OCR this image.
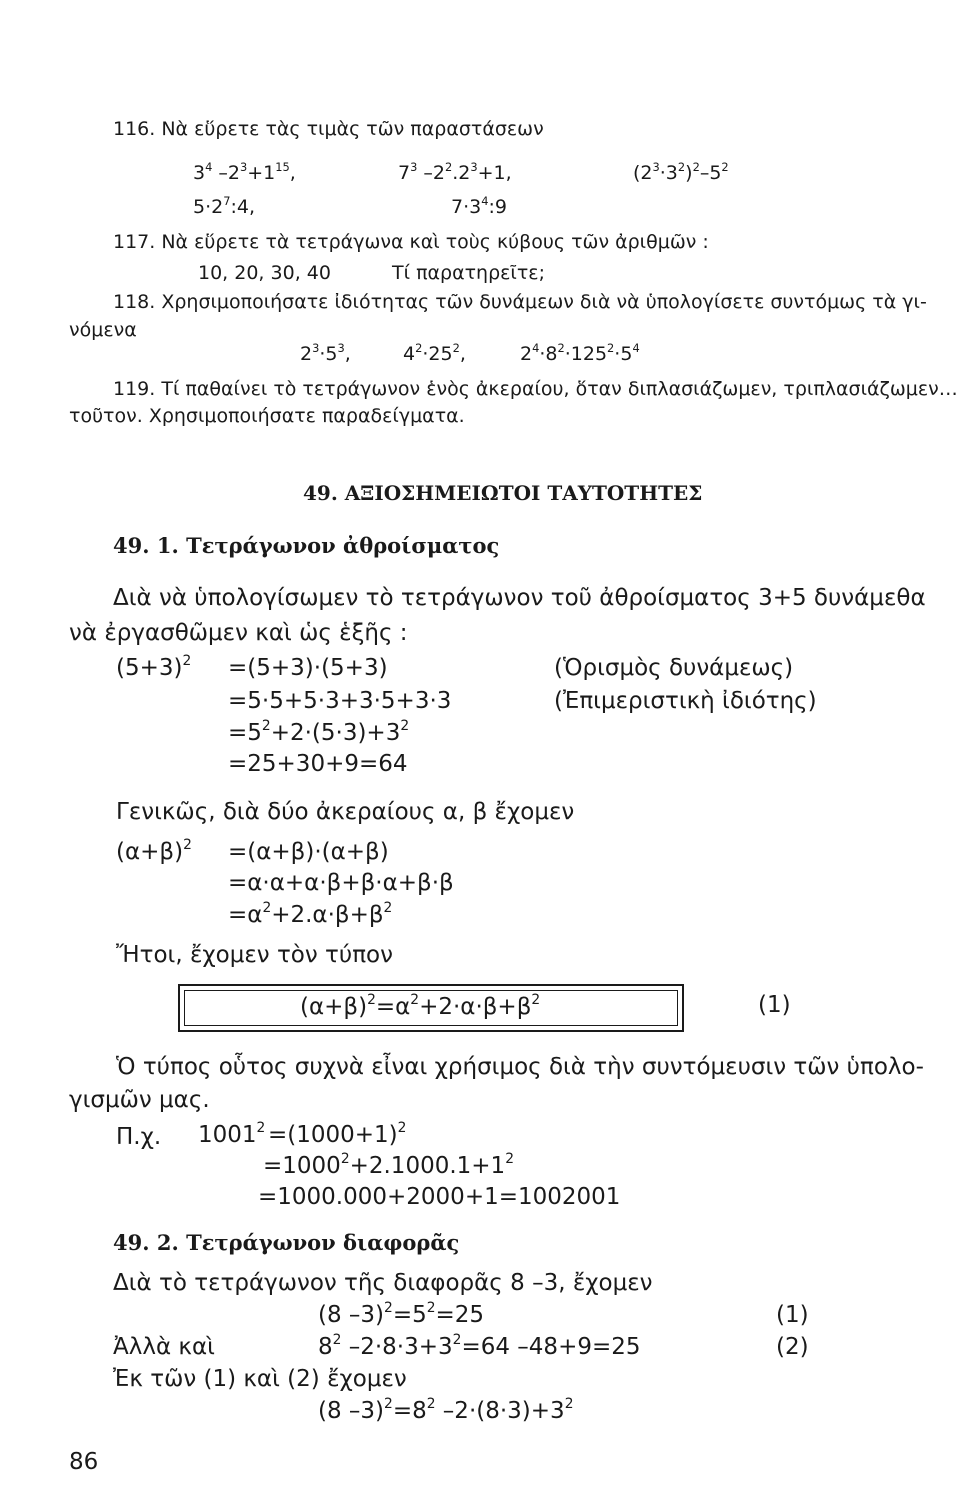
116. Νὰ εὕρετε τὰς τιμὰς τῶν παραστάσεων
$3^4$ $-2^3+1^{15}$,	$7^3$ $-2^2.2^3+1$,	$(2^3\cdot 3^2)^2-5^2$
$5\cdot 2^7:4$,	$7\cdot 3^4:9$
117. Νὰ εὕρετε τὰ τετράγωνα καὶ τοὺς κύβους τῶν ἀριθμῶν :
10, 20, 30, 40	Τί παρατηρεῖτε;
118. Χρησιμοποιήσατε ἰδιότητας τῶν δυνάμεων διὰ νὰ ὑπολογίσετε συντόμως τὰ γι-
νόμενα
$2^3\cdot 5^3$,	$4^2\cdot 25^2$,	$2^4\cdot 8^2\cdot 125^2\cdot 5^4$
119. Τί παθαίνει τὸ τετράγωνον ἑνὸς ἀκεραίου, ὅταν διπλασιάζωμεν, τριπλασιάζωμεν…
τοῦτον. Χρησιμοποιήσατε παραδείγματα.
49. ΑΞΙΟΣΗΜΕΙΩΤΟΙ ΤΑΥΤΟΤΗΤΕΣ
49. 1. Τετράγωνον ἀθροίσματος
Διὰ νὰ ὑπολογίσωμεν τὸ τετράγωνον τοῦ ἀθροίσματος 3+5 δυνάμεθα
νὰ ἐργασθῶμεν καὶ ὡς ἑξῆς :
$(5+3)^2 =(5+3)\cdot(5+3)$	(Ὁρισμὸς δυνάμεως)
=5·5+5·3+3·5+3·3	(Ἐπιμεριστικὴ ἰδιότης)
$=5^2+2\cdot(5\cdot 3)+3^2$
=25+30+9=64
Γενικῶς, διὰ δύο ἀκεραίους α, β ἔχομεν
$(\alpha+\beta)^2 =(\alpha+\beta)\cdot(\alpha+\beta)$
=α·α+α·β+β·α+β·β
$=\alpha^2+2.\alpha\cdot\beta+\beta^2$
Ἤτοι, ἔχομεν τὸν τύπον
$(\alpha+\beta)^2=\alpha^2+2\cdot\alpha\cdot\beta+\beta^2$	(1)
Ὁ τύπος οὗτος συχνὰ εἶναι χρήσιμος διὰ τὴν συντόμευσιν τῶν ὑπολο-
γισμῶν μας.
Π.χ. $1001^2 =(1000+1)^2$
$=1000^2+2.1000.1+1^2$
=1000.000+2000+1=1002001
49. 2. Τετράγωνον διαφορᾶς
Διὰ τὸ τετράγωνον τῆς διαφορᾶς 8 –3, ἔχομεν
(8 $-3)^2=5^2=25$	(1)
Ἀλλὰ καὶ	$8^2$ $-2\cdot 8\cdot 3+3^2=64$ –48+9=25	(2)
Ἐκ τῶν (1) καὶ (2) ἔχομεν
(8 $-3)^2=8^2$ $-2\cdot(8\cdot 3)+3^2$
86
